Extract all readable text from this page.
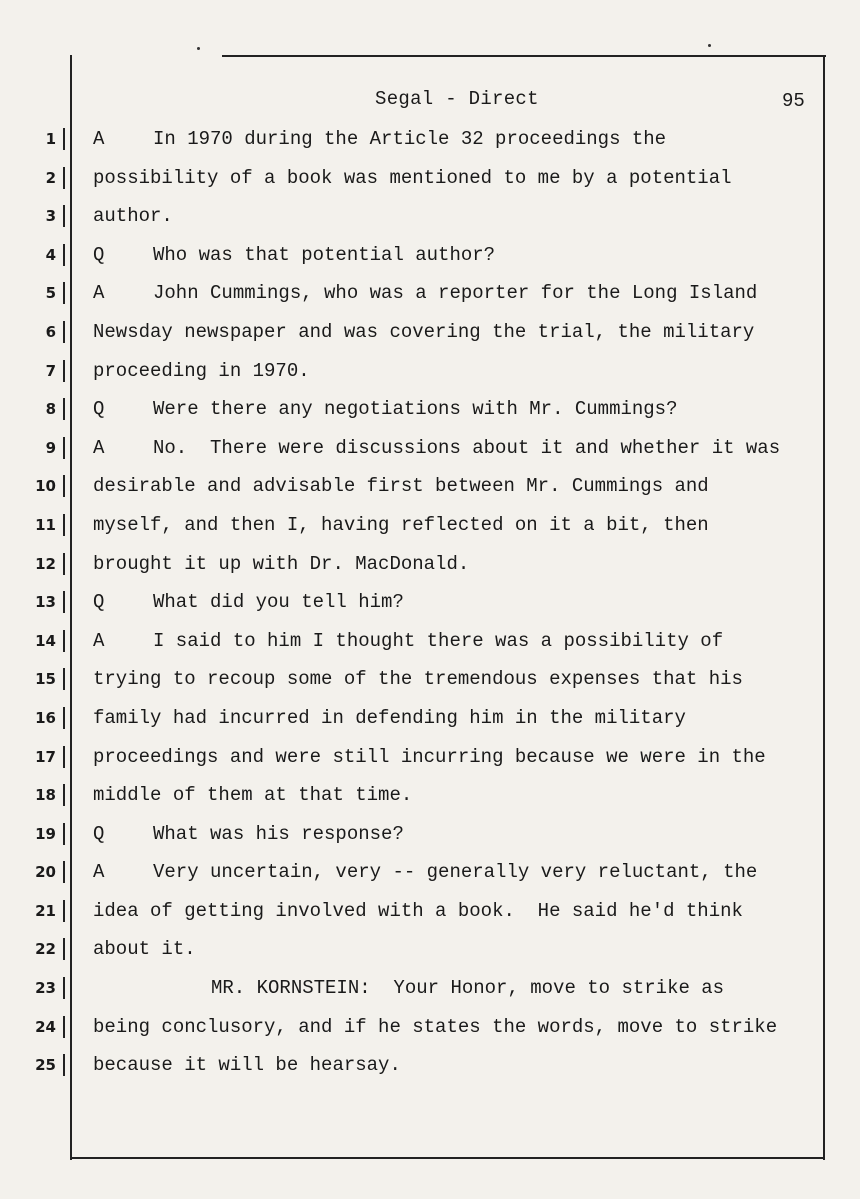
Segal - Direct	95
1
2
3
4
5
6
7
8
9
10
11
12
13
14
15
16
17
18
19
20
21
22
23
24
25
A	In 1970 during the Article 32 proceedings the
possibility of a book was mentioned to me by a potential
author.
Q	Who was that potential author?
A	John Cummings, who was a reporter for the Long Island
Newsday newspaper and was covering the trial, the military
proceeding in 1970.
Q	Were there any negotiations with Mr. Cummings?
A	No.  There were discussions about it and whether it was
desirable and advisable first between Mr. Cummings and
myself, and then I, having reflected on it a bit, then
brought it up with Dr. MacDonald.
Q	What did you tell him?
A	I said to him I thought there was a possibility of
trying to recoup some of the tremendous expenses that his
family had incurred in defending him in the military
proceedings and were still incurring because we were in the
middle of them at that time.
Q	What was his response?
A	Very uncertain, very -- generally very reluctant, the
idea of getting involved with a book.  He said he'd think
about it.
MR. KORNSTEIN:  Your Honor, move to strike as
being conclusory, and if he states the words, move to strike
because it will be hearsay.
